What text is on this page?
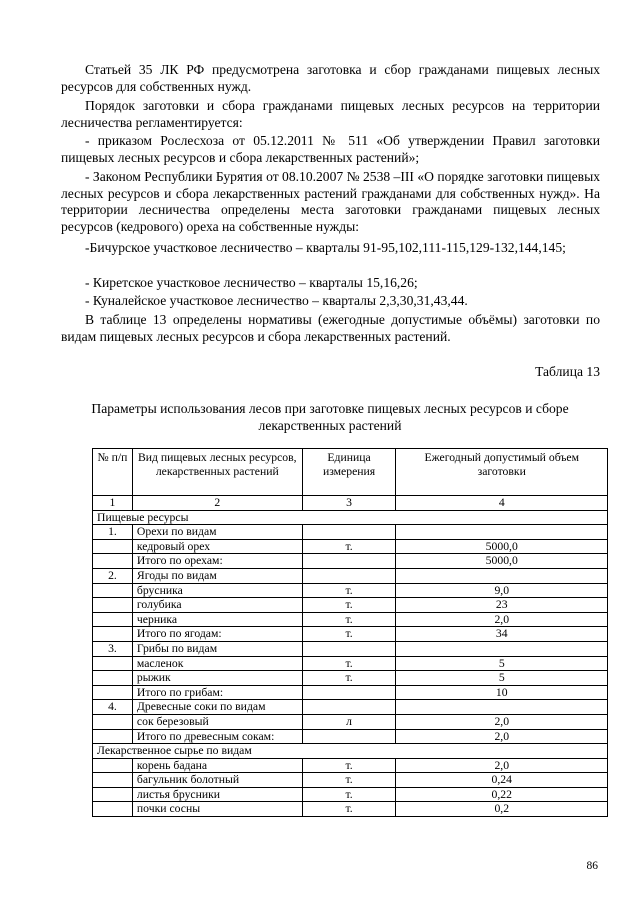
Статьей 35 ЛК РФ предусмотрена заготовка и сбор гражданами пищевых лесных ресурсов для собственных нужд.

Порядок заготовки и сбора гражданами пищевых лесных ресурсов на территории лесничества регламентируется:

- приказом Рослесхоза от 05.12.2011 № 511 «Об утверждении Правил заготовки пищевых лесных ресурсов и сбора лекарственных растений»;

- Законом Республики Бурятия от 08.10.2007 № 2538 –III «О порядке заготовки пищевых лесных ресурсов и сбора лекарственных растений гражданами для собственных нужд». На территории лесничества определены места заготовки гражданами пищевых лесных ресурсов (кедрового) ореха на собственные нужды:

-Бичурское участковое лесничество – кварталы 91-95,102,111-115,129-132,144,145;

- Киретское участковое лесничество – кварталы 15,16,26;

- Куналейское участковое лесничество – кварталы 2,3,30,31,43,44.

В таблице 13 определены нормативы (ежегодные допустимые объёмы) заготовки по видам пищевых лесных ресурсов и сбора лекарственных растений.

Таблица 13

Параметры использования лесов при заготовке пищевых лесных ресурсов и сборе лекарственных растений

№ п/п	Вид пищевых лесных ресурсов, лекарственных растений	Единица измерения	Ежегодный допустимый объем заготовки
1	2	3	4
Пищевые ресурсы			
1.	Орехи по видам		
	кедровый орех	т.	5000,0
	Итого по орехам:		5000,0
2.	Ягоды по видам		
	брусника	т.	9,0
	голубика	т.	23
	черника	т.	2,0
	Итого по ягодам:	т.	34
3.	Грибы по видам		
	масленок	т.	5
	рыжик	т.	5
	Итого по грибам:		10
4.	Древесные соки по видам		
	сок березовый	л	2,0
	Итого по древесным сокам:		2,0
Лекарственное сырье по видам			
	корень бадана	т.	2,0
	багульник болотный	т.	0,24
	листья брусники	т.	0,22
	почки сосны	т.	0,2

86
